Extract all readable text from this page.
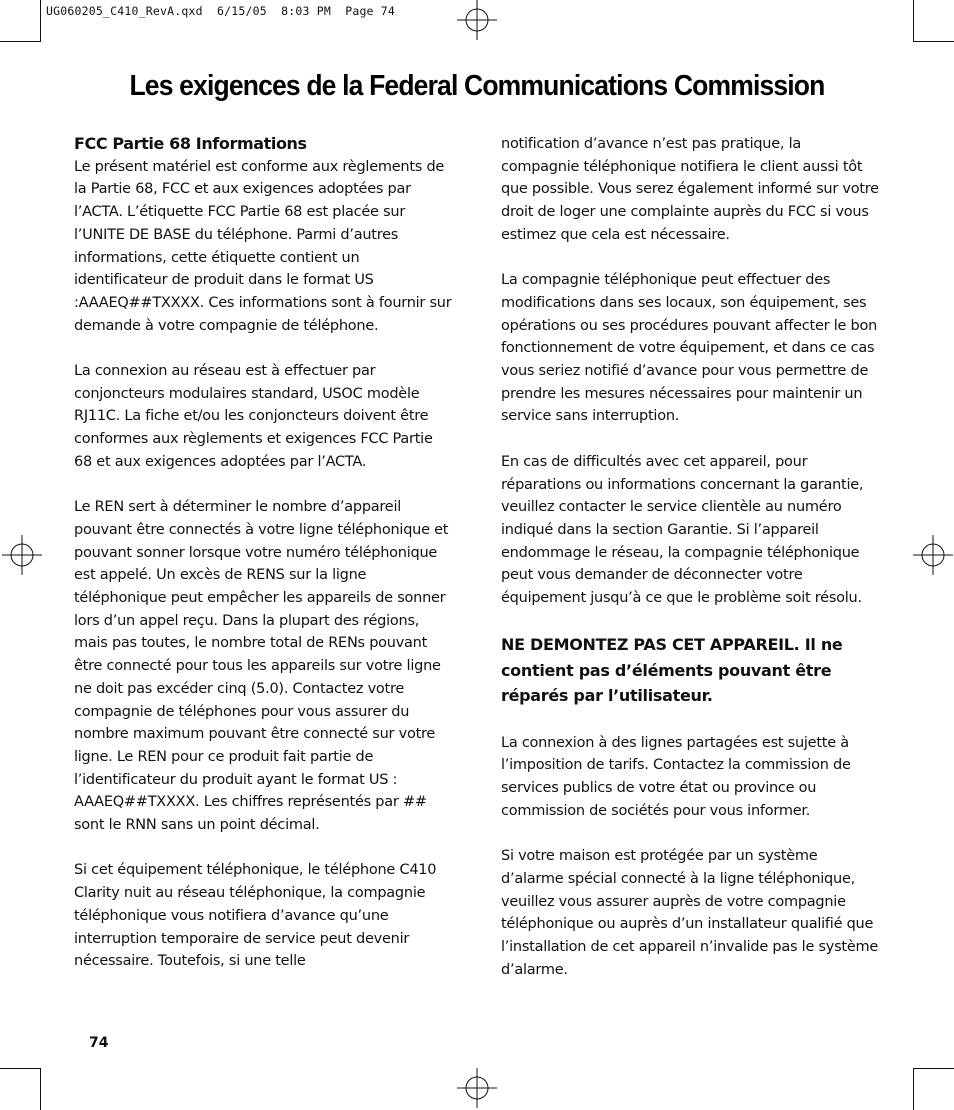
UG060205_C410_RevA.qxd  6/15/05  8:03 PM  Page 74
Les exigences de la Federal Communications Commission

FCC Partie 68 Informations

Le présent matériel est conforme aux règlements de la Partie 68, FCC et aux exigences adoptées par l’ACTA. L’étiquette FCC Partie 68 est placée sur l’UNITE DE BASE du téléphone. Parmi d’autres informations, cette étiquette contient un identificateur de produit dans le format US :AAAEQ##TXXXX. Ces informations sont à fournir sur demande à votre compagnie de téléphone.

La connexion au réseau est à effectuer par conjoncteurs modulaires standard, USOC modèle RJ11C. La fiche et/ou les conjoncteurs doivent être conformes aux règlements et exigences FCC Partie 68 et aux exigences adoptées par l’ACTA.

Le REN sert à déterminer le nombre d’appareil pouvant être connectés à votre ligne téléphonique et pouvant sonner lorsque votre numéro téléphonique est appelé. Un excès de RENS sur la ligne téléphonique peut empêcher les appareils de sonner lors d’un appel reçu. Dans la plupart des régions, mais pas toutes, le nombre total de RENs pouvant être connecté pour tous les appareils sur votre ligne ne doit pas excéder cinq (5.0). Contactez votre compagnie de téléphones pour vous assurer du nombre maximum pouvant être connecté sur votre ligne. Le REN pour ce produit fait partie de l’identificateur du produit ayant le format US : AAAEQ##TXXXX. Les chiffres représentés par ## sont le RNN sans un point décimal.

Si cet équipement téléphonique, le téléphone C410 Clarity nuit au réseau téléphonique, la compagnie téléphonique vous notifiera d’avance qu’une interruption temporaire de service peut devenir nécessaire. Toutefois, si une telle

notification d’avance n’est pas pratique, la compagnie téléphonique notifiera le client aussi tôt que possible. Vous serez également informé sur votre droit de loger une complainte auprès du FCC si vous estimez que cela est nécessaire.

La compagnie téléphonique peut effectuer des modifications dans ses locaux, son équipement, ses opérations ou ses procédures pouvant affecter le bon fonctionnement de votre équipement, et dans ce cas vous seriez notifié d’avance pour vous permettre de prendre les mesures nécessaires pour maintenir un service sans interruption.

En cas de difficultés avec cet appareil, pour réparations ou informations concernant la garantie, veuillez contacter le service clientèle au numéro indiqué dans la section Garantie. Si l’appareil endommage le réseau, la compagnie téléphonique peut vous demander de déconnecter votre équipement jusqu’à ce que le problème soit résolu.

NE DEMONTEZ PAS CET APPAREIL. Il ne contient pas d’éléments pouvant être réparés par l’utilisateur.

La connexion à des lignes partagées est sujette à l’imposition de tarifs. Contactez la commission de services publics de votre état ou province ou commission de sociétés pour vous informer.

Si votre maison est protégée par un système d’alarme spécial connecté à la ligne téléphonique, veuillez vous assurer auprès de votre compagnie téléphonique ou auprès d’un installateur qualifié que l’installation de cet appareil n’invalide pas le système d’alarme.

74
